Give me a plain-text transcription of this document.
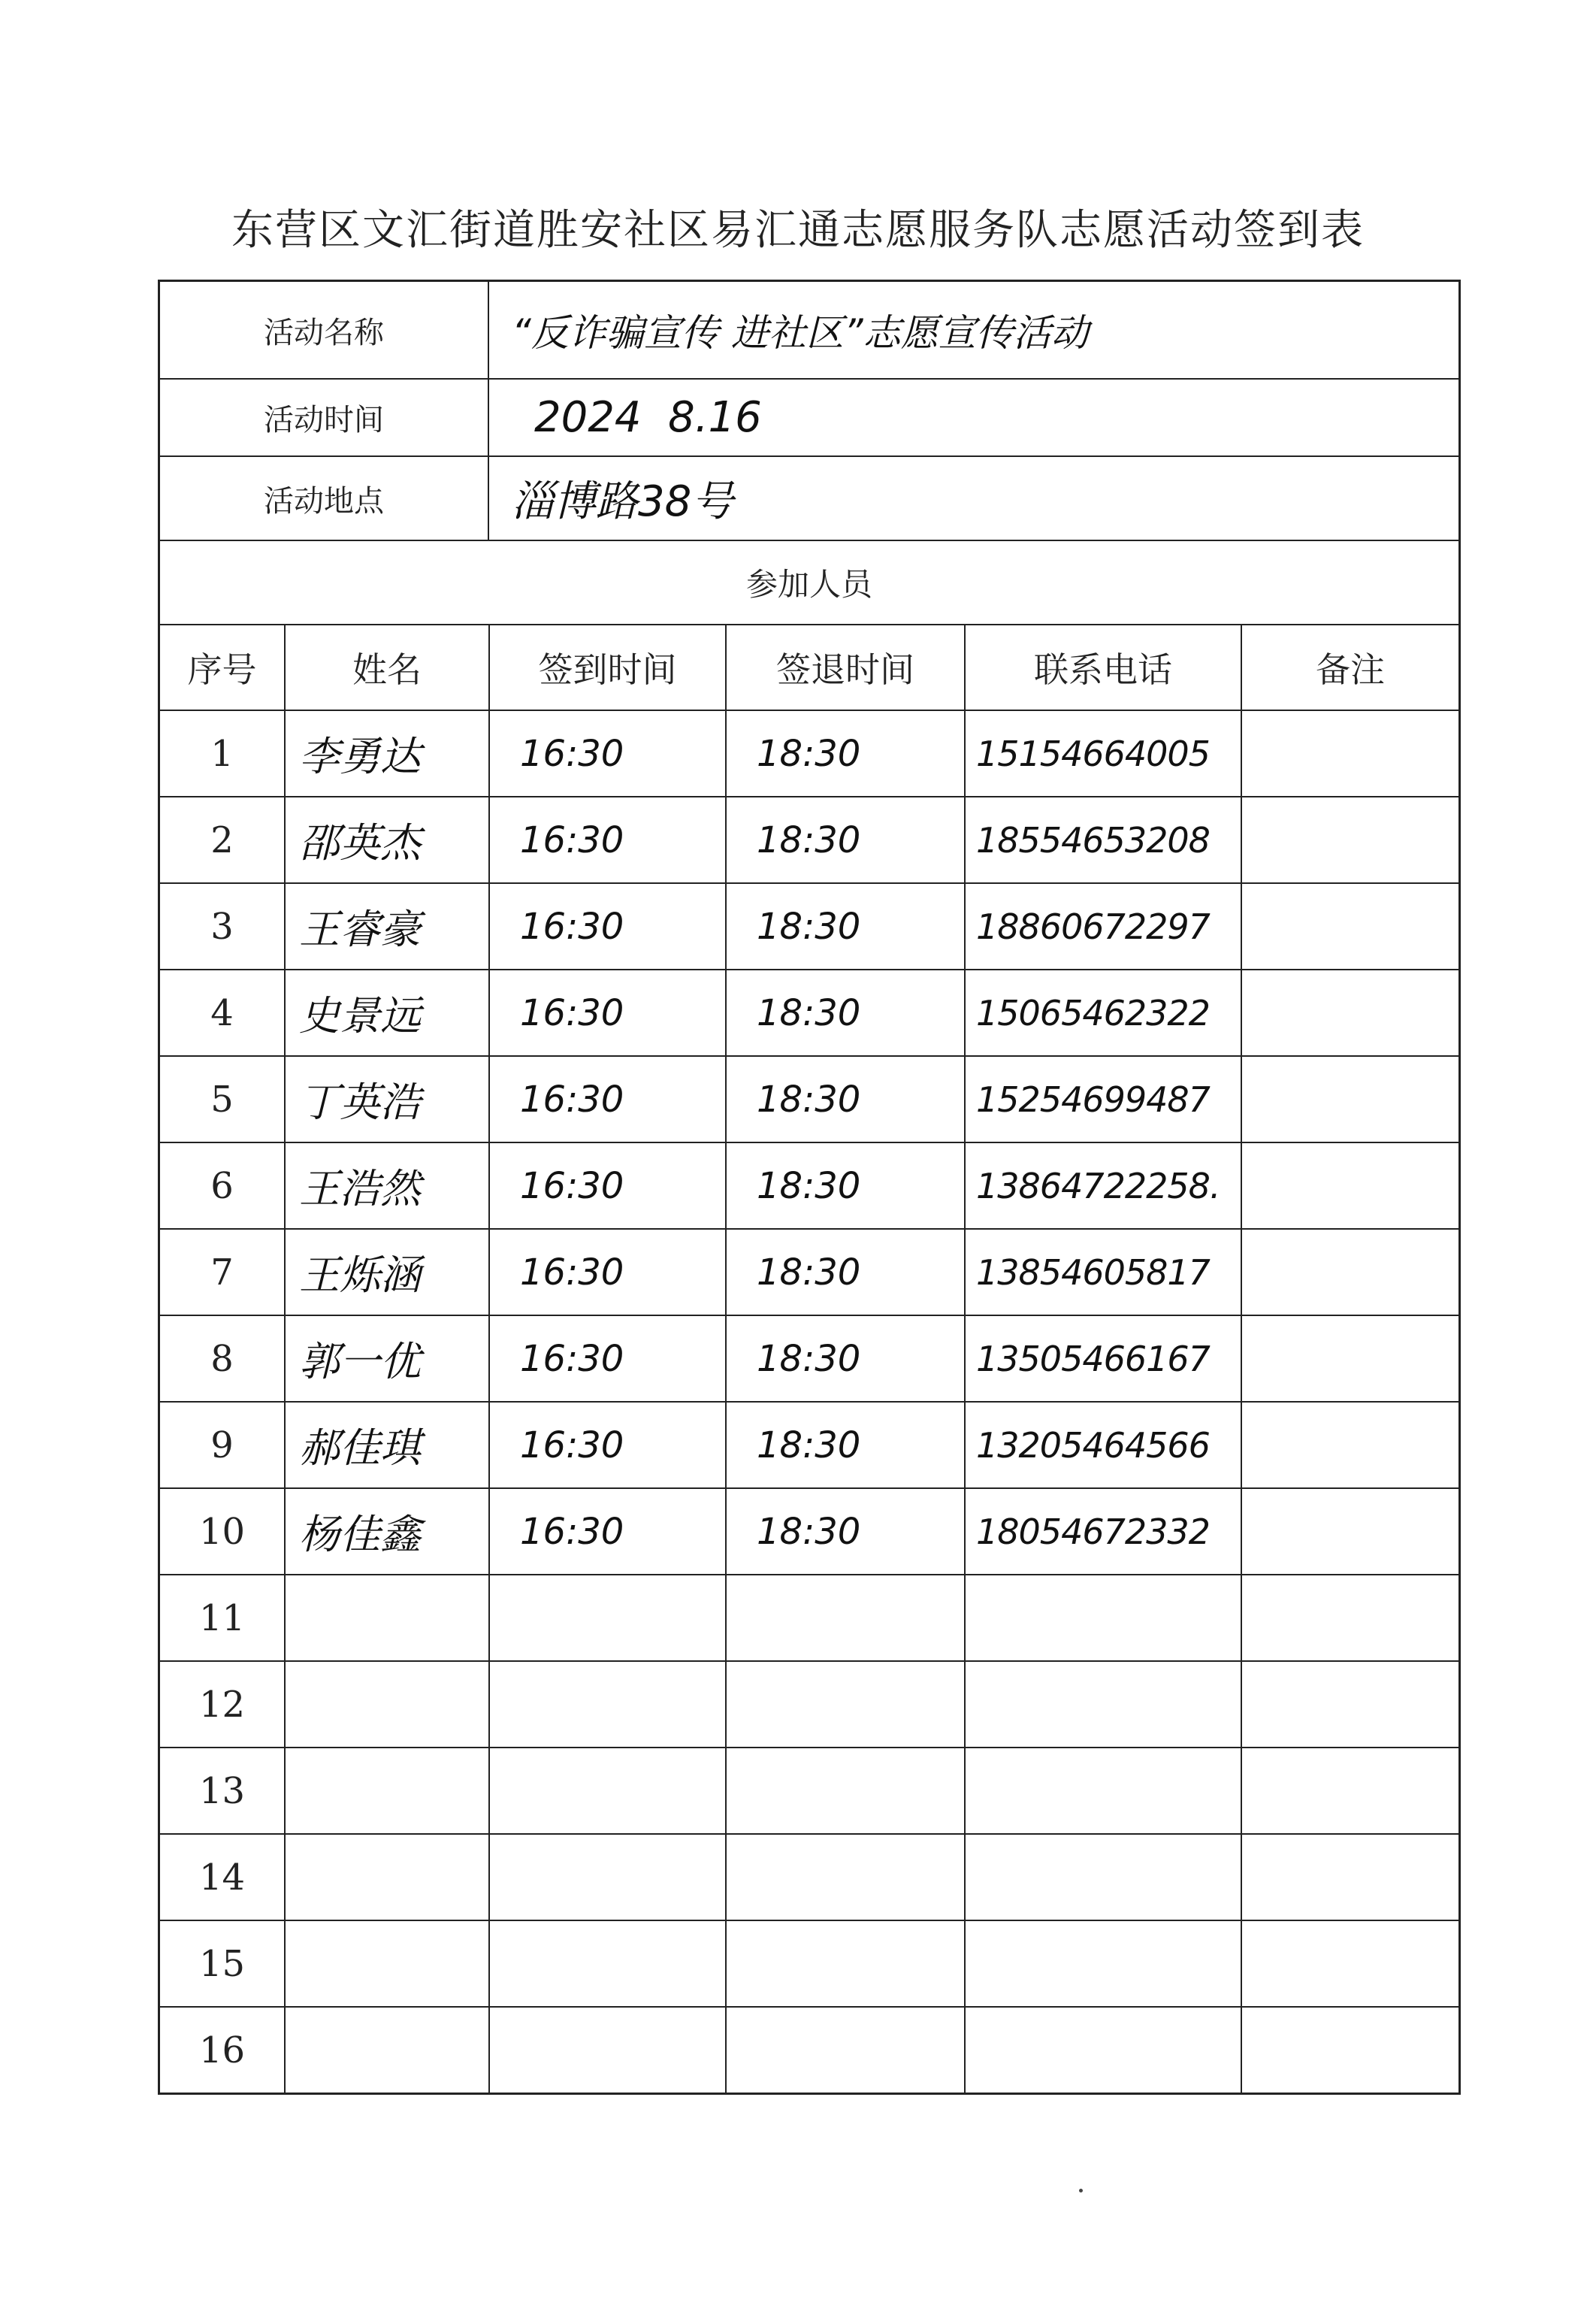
东营区文汇街道胜安社区易汇通志愿服务队志愿活动签到表
活动名称	“反诈骗宣传 进社区”志愿宣传活动
活动时间	2024  8.16
活动地点	淄博路38号
参加人员
序号	姓名	签到时间	签退时间	联系电话	备注
1	李勇达	16:30	18:30	15154664005	
2	邵英杰	16:30	18:30	18554653208	
3	王睿豪	16:30	18:30	18860672297	
4	史景远	16:30	18:30	15065462322	
5	丁英浩	16:30	18:30	15254699487	
6	王浩然	16:30	18:30	13864722258.	
7	王烁涵	16:30	18:30	13854605817	
8	郭一优	16:30	18:30	13505466167	
9	郝佳琪	16:30	18:30	13205464566	
10	杨佳鑫	16:30	18:30	18054672332	
11					
12					
13					
14					
15					
16					
